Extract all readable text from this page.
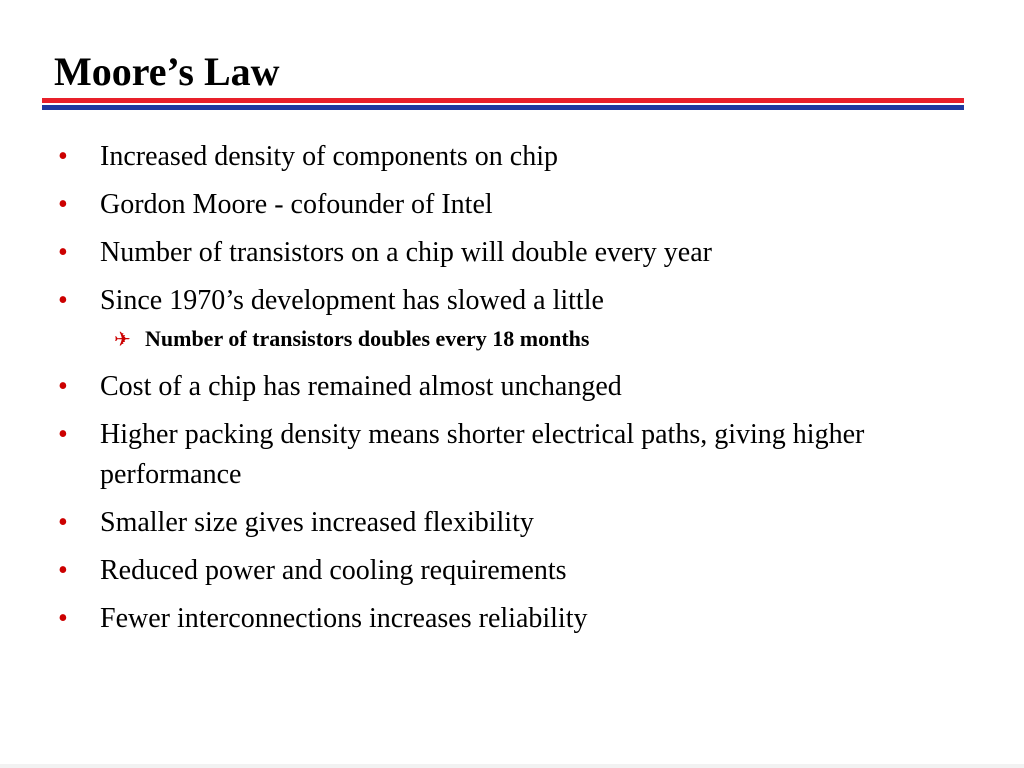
Moore’s Law
•	Increased density of components on chip
•	Gordon Moore - cofounder of Intel
•	Number of transistors on a chip will double every year
•	Since 1970’s development has slowed a little
✈ Number of transistors doubles every 18 months
•	Cost of a chip has remained almost unchanged
•	Higher packing density means shorter electrical paths, giving higher performance
•	Smaller size gives increased flexibility
•	Reduced power and cooling requirements
•	Fewer interconnections increases reliability
